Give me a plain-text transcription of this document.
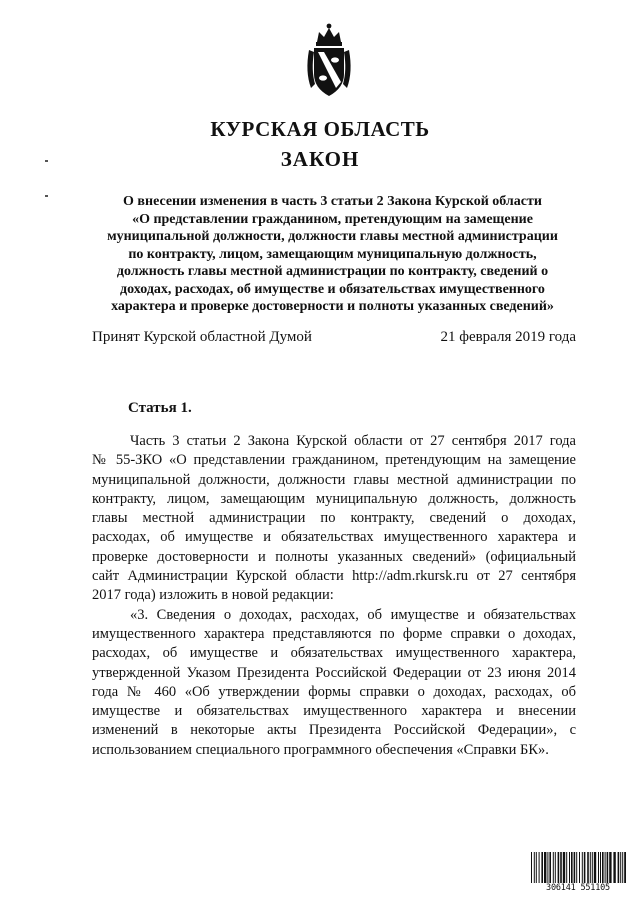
КУРСКАЯ ОБЛАСТЬ
ЗАКОН
О внесении изменения в часть 3 статьи 2 Закона Курской области
«О представлении гражданином, претендующим на замещение
муниципальной должности, должности главы местной администрации
по контракту, лицом, замещающим муниципальную должность,
должность главы местной администрации по контракту, сведений о
доходах, расходах, об имуществе и обязательствах имущественного
характера и проверке достоверности и полноты указанных сведений»
Принят Курской областной Думой	21 февраля 2019 года
Статья 1.
Часть 3 статьи 2 Закона Курской области от 27 сентября 2017 года
№ 55-ЗКО «О представлении гражданином, претендующим на замещение
муниципальной должности, должности главы местной администрации по
контракту, лицом, замещающим муниципальную должность, должность
главы местной администрации по контракту, сведений о доходах,
расходах, об имуществе и обязательствах имущественного характера и
проверке достоверности и полноты указанных сведений» (официальный
сайт Администрации Курской области http://adm.rkursk.ru от 27 сентября
2017 года) изложить в новой редакции:
«3. Сведения о доходах, расходах, об имуществе и обязательствах
имущественного характера представляются по форме справки о доходах,
расходах, об имуществе и обязательствах имущественного характера,
утвержденной Указом Президента Российской Федерации от 23 июня 2014
года № 460 «Об утверждении формы справки о доходах, расходах, об
имуществе и обязательствах имущественного характера и внесении
изменений в некоторые акты Президента Российской Федерации», с
использованием специального программного обеспечения «Справки БК».
306141 551105
